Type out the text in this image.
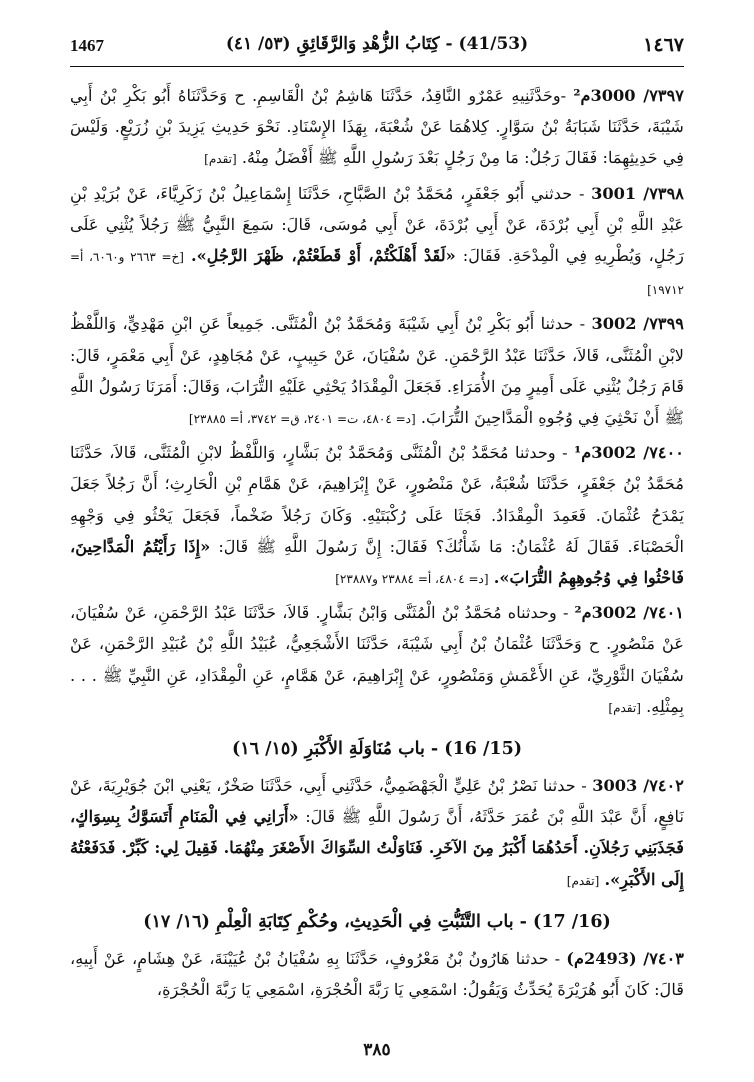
1467	(41/53) - كِتَابُ الزُّهْدِ وَالرَّقَائِقِ (٥٣/ ٤١)	١٤٦٧

٧٣٩٧/ 3000م² -وحَدَّثَنِيهِ عَمْرٌو النَّاقِدُ، حَدَّثَنَا هَاشِمُ بْنُ الْقَاسِمِ. ح وَحَدَّثَنَاهُ أَبُو بَكْرِ بْنُ أَبِي شَيْبَةَ، حَدَّثَنَا شَبَابَةُ بْنُ سَوَّارٍ. كِلاهُمَا عَنْ شُعْبَةَ، بِهَذَا الإِسْنَادِ. نَحْوَ حَدِيثِ يَزِيدَ بْنِ زُرَيْعٍ. وَلَيْسَ فِي حَدِيثِهِمَا: فَقَالَ رَجُلٌ: مَا مِنْ رَجُلٍ بَعْدَ رَسُولِ اللَّهِ ﷺ أَفْضَلُ مِنْهُ. [تقدم]

٧٣٩٨/ 3001 - حدثني أَبُو جَعْفَرٍ، مُحَمَّدُ بْنُ الصَّبَّاحِ، حَدَّثَنَا إِسْمَاعِيلُ بْنُ زَكَرِيَّاءَ، عَنْ بُرَيْدِ بْنِ عَبْدِ اللَّهِ بْنِ أَبِي بُرْدَةَ، عَنْ أَبِي بُرْدَةَ، عَنْ أَبِي مُوسَى، قَالَ: سَمِعَ النَّبِيُّ ﷺ رَجُلاً يُثْنِي عَلَى رَجُلٍ، وَيُطْرِيهِ فِي الْمِدْحَةِ. فَقَالَ: «لَقَدْ أَهْلَكْتُمْ، أَوْ قَطَعْتُمْ، ظَهْرَ الرَّجُلِ». [خ= ٢٦٦٣ و٦٠٦٠، أ= ١٩٧١٢]

٧٣٩٩/ 3002 - حدثنا أَبُو بَكْرِ بْنُ أَبِي شَيْبَةَ وَمُحَمَّدُ بْنُ الْمُثَنَّى. جَمِيعاً عَنِ ابْنِ مَهْدِيٍّ، وَاللَّفْظُ لابْنِ الْمُثَنَّى، قَالاَ، حَدَّثَنَا عَبْدُ الرَّحْمَنِ. عَنْ سُفْيَانَ، عَنْ حَبِيبٍ، عَنْ مُجَاهِدٍ، عَنْ أَبِي مَعْمَرٍ، قَالَ: قَامَ رَجُلٌ يُثْنِي عَلَى أَمِيرٍ مِنَ الأُمَرَاءِ. فَجَعَلَ الْمِقْدَادُ يَحْثِي عَلَيْهِ التُّرَابَ، وَقَالَ: أَمَرَنَا رَسُولُ اللَّهِ ﷺ أَنْ نَحْثِيَ فِي وُجُوهِ الْمَدَّاحِينَ التُّرَابَ. [د= ٤٨٠٤، ت= ٢٤٠١، ق= ٣٧٤٢، أ= ٢٣٨٨٥]

٧٤٠٠/ 3002م¹ - وحدثنا مُحَمَّدُ بْنُ الْمُثَنَّى وَمُحَمَّدُ بْنُ بَشَّارٍ، وَاللَّفْظُ لابْنِ الْمُثَنَّى، قَالاَ، حَدَّثَنَا مُحَمَّدُ بْنُ جَعْفَرٍ، حَدَّثَنَا شُعْبَةُ، عَنْ مَنْصُورٍ، عَنْ إِبْرَاهِيمَ، عَنْ هَمَّامِ بْنِ الْحَارِثِ؛ أَنَّ رَجُلاً جَعَلَ يَمْدَحُ عُثْمَانَ. فَعَمِدَ الْمِقْدَادُ. فَجَثَا عَلَى رُكْبَتَيْهِ. وَكَانَ رَجُلاً ضَخْماً، فَجَعَلَ يَحْثُو فِي وَجْهِهِ الْحَصْبَاءَ. فَقَالَ لَهُ عُثْمَانُ: مَا شَأْنُكَ؟ فَقَالَ: إِنَّ رَسُولَ اللَّهِ ﷺ قَالَ: «إِذَا رَأَيْتُمُ الْمَدَّاحِينَ، فَاحْثُوا فِي وُجُوهِهِمُ التُّرَابَ». [د= ٤٨٠٤، أ= ٢٣٨٨٤ و٢٣٨٨٧]

٧٤٠١/ 3002م² - وحدثناه مُحَمَّدُ بْنُ الْمُثَنَّى وَابْنُ بَشَّارٍ. قَالاَ، حَدَّثَنَا عَبْدُ الرَّحْمَنِ، عَنْ سُفْيَانَ، عَنْ مَنْصُورٍ. ح وَحَدَّثَنَا عُثْمَانُ بْنُ أَبِي شَيْبَةَ، حَدَّثَنَا الأَشْجَعِيُّ، عُبَيْدُ اللَّهِ بْنُ عُبَيْدِ الرَّحْمَنِ، عَنْ سُفْيَانَ الثَّوْرِيِّ، عَنِ الأَعْمَشِ وَمَنْصُورٍ، عَنْ إِبْرَاهِيمَ، عَنْ هَمَّامٍ، عَنِ الْمِقْدَادِ، عَنِ النَّبِيِّ ﷺ . . . بِمِثْلِهِ. [تقدم]

(15/ 16) - باب مُنَاوَلَةِ الأَكْبَرِ (١٥/ ١٦)

٧٤٠٢/ 3003 - حدثنا نَصْرُ بْنُ عَلِيٍّ الْجَهْضَمِيُّ، حَدَّثَنِي أَبِي، حَدَّثَنَا صَخْرٌ، يَعْنِي ابْنَ جُوَيْرِيَةَ، عَنْ نَافِعٍ، أَنَّ عَبْدَ اللَّهِ بْنَ عُمَرَ حَدَّثَهُ، أَنَّ رَسُولَ اللَّهِ ﷺ قَالَ: «أَرَانِي فِي الْمَنَامِ أَتَسَوَّكُ بِسِوَاكٍ، فَجَذَبَنِي رَجُلاَنِ. أَحَدُهُمَا أَكْبَرُ مِنَ الآخَرِ. فَنَاوَلْتُ السِّوَاكَ الأَصْغَرَ مِنْهُمَا. فَقِيلَ لِي: كَبِّرْ. فَدَفَعْتُهُ إِلَى الأَكْبَرِ». [تقدم]

(16/ 17) - باب التَّثَبُّتِ فِي الْحَدِيثِ، وحُكْمِ كِتَابَةِ الْعِلْمِ (١٦/ ١٧)

٧٤٠٣/ (2493م) - حدثنا هَارُونُ بْنُ مَعْرُوفٍ، حَدَّثَنَا بِهِ سُفْيَانُ بْنُ عُيَيْنَةَ، عَنْ هِشَامٍ، عَنْ أَبِيهِ، قَالَ: كَانَ أَبُو هُرَيْرَةَ يُحَدِّثُ وَيَقُولُ: اسْمَعِي يَا رَبَّةَ الْحُجْرَةِ، اسْمَعِي يَا رَبَّةَ الْحُجْرَةِ،

٣٨٥
